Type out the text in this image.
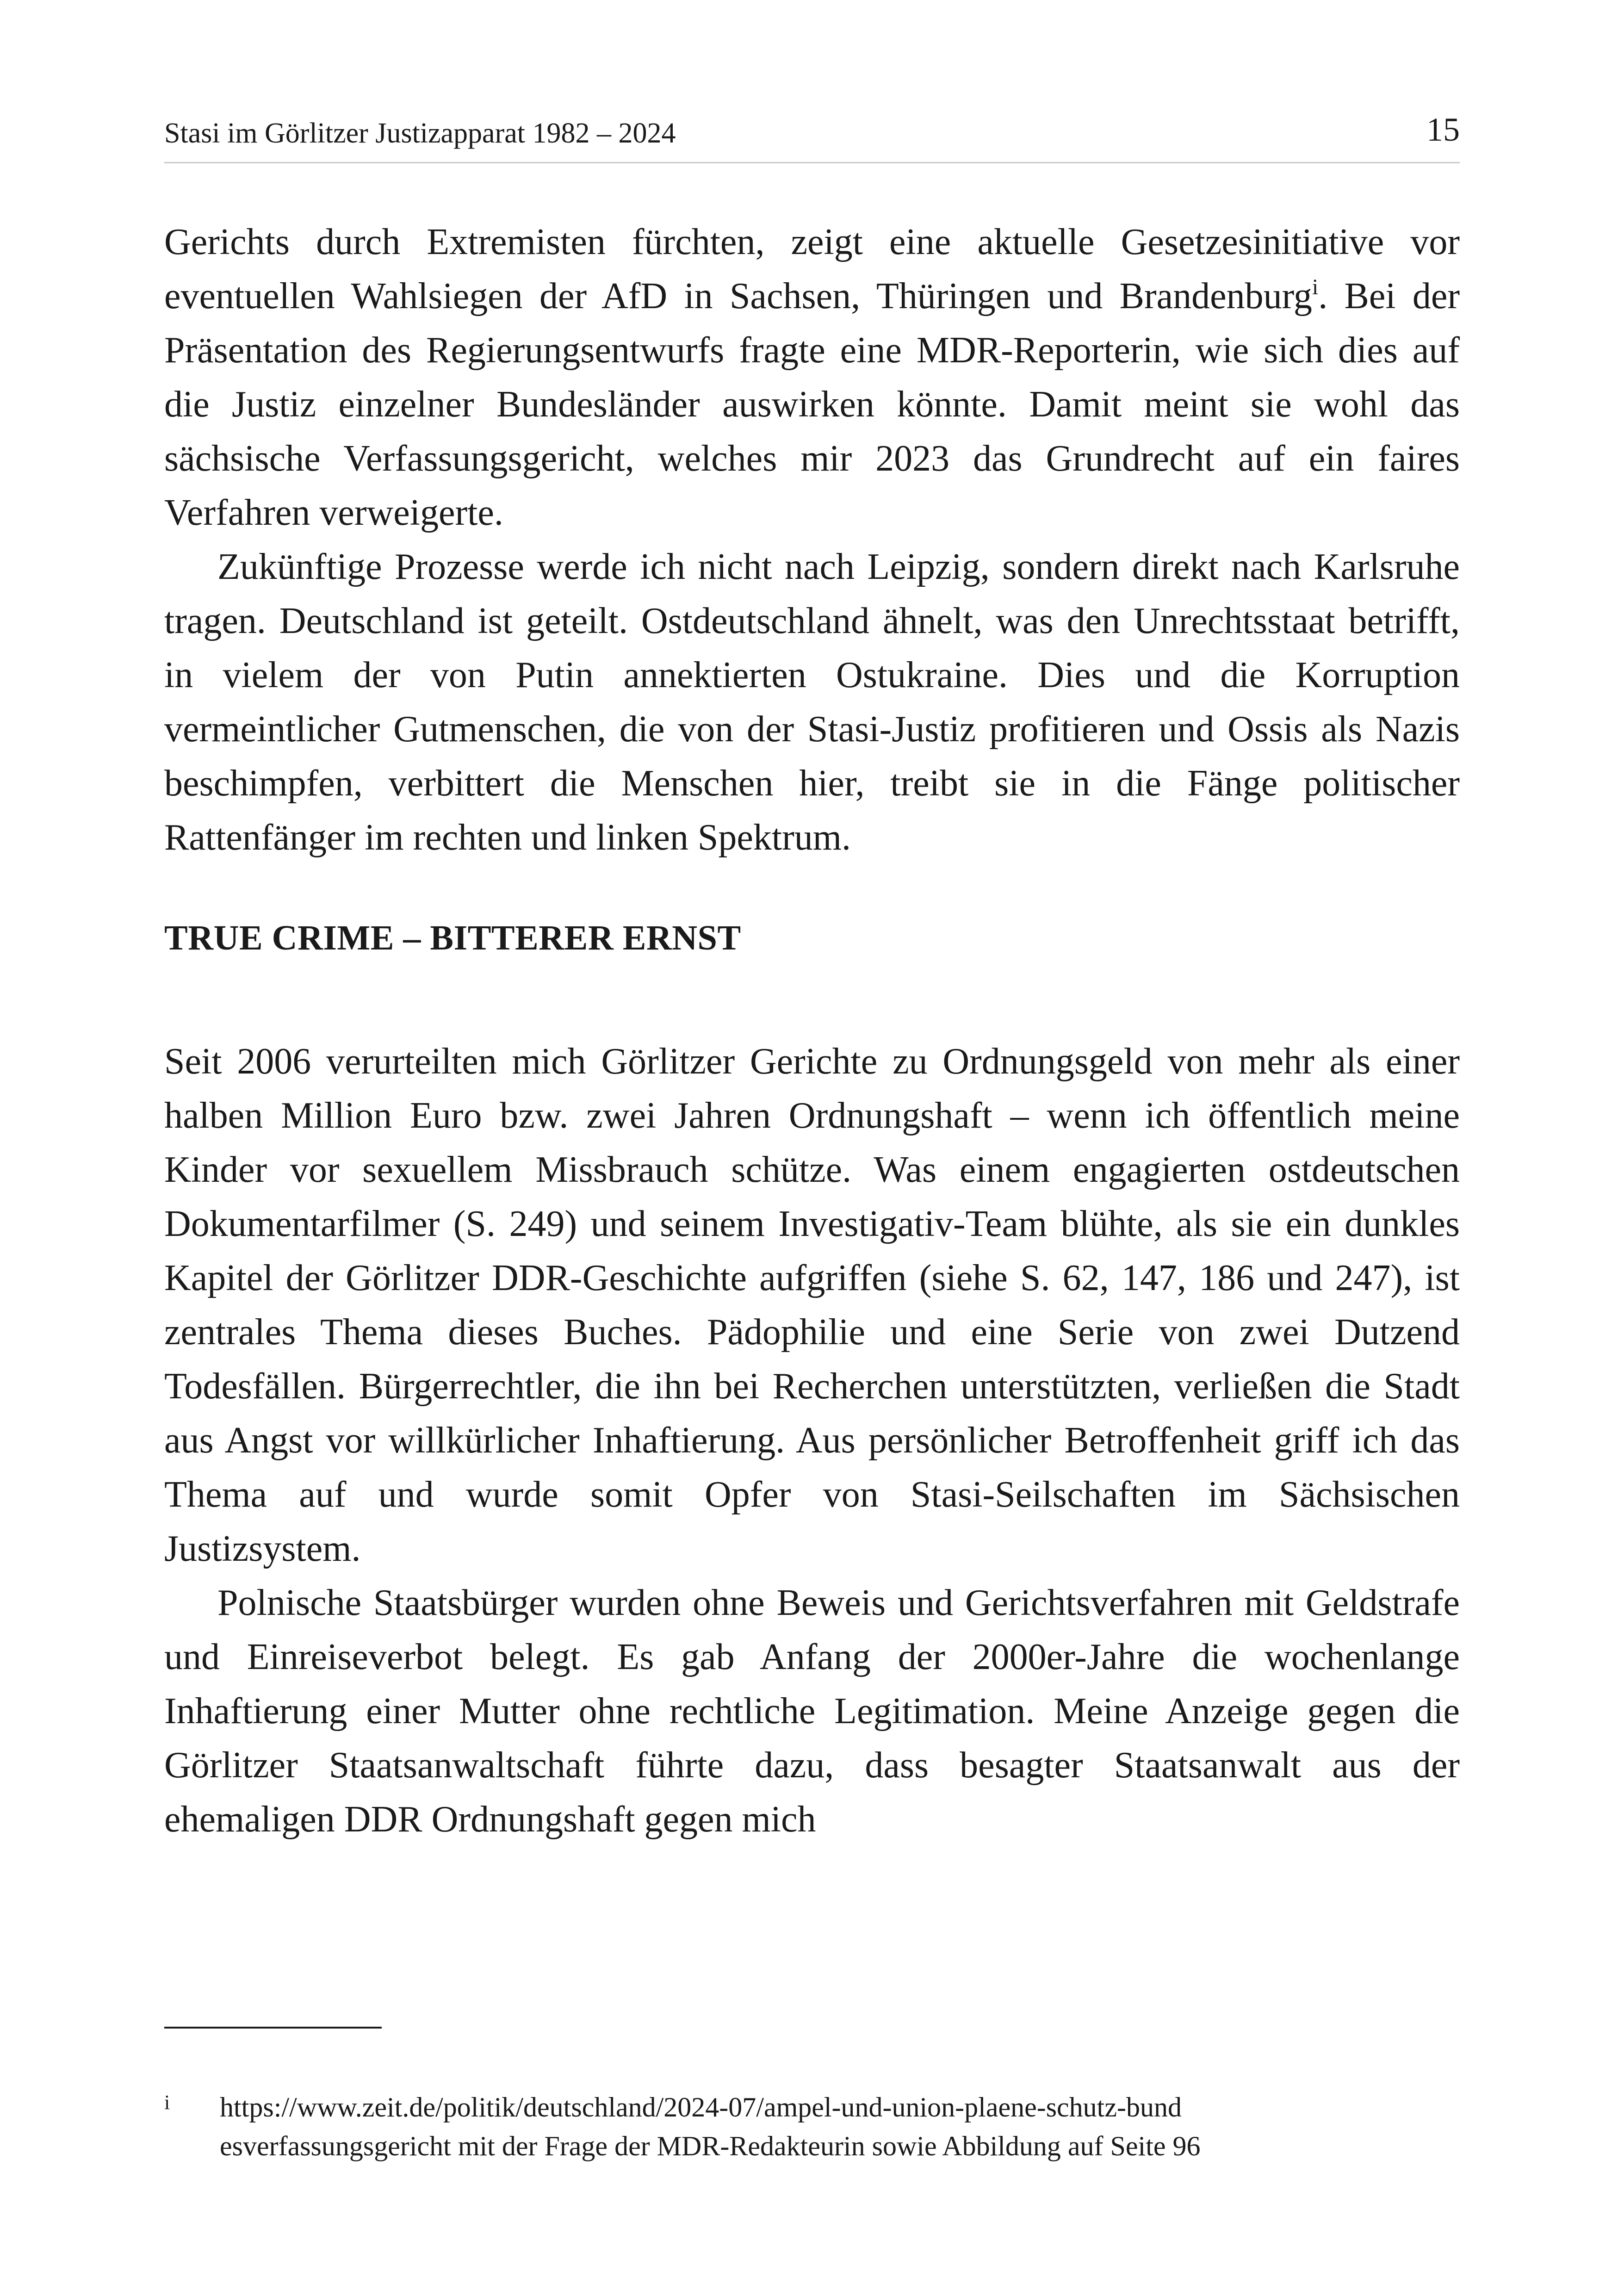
Stasi im Görlitzer Justizapparat 1982 – 2024	15

Gerichts durch Extremisten fürchten, zeigt eine aktuelle Gesetzesinitiative vor eventuellen Wahlsiegen der AfD in Sachsen, Thüringen und Brandenburg$^i$. Bei der Präsentation des Regierungsentwurfs fragte eine MDR-Reporterin, wie sich dies auf die Justiz einzelner Bundesländer auswirken könnte. Damit meint sie wohl das sächsische Verfassungsgericht, welches mir 2023 das Grundrecht auf ein faires Verfahren verweigerte.

Zukünftige Prozesse werde ich nicht nach Leipzig, sondern direkt nach Karlsruhe tragen. Deutschland ist geteilt. Ostdeutschland ähnelt, was den Unrechtsstaat betrifft, in vielem der von Putin annektierten Ostukraine. Dies und die Korruption vermeintlicher Gutmenschen, die von der Stasi-Justiz profitieren und Ossis als Nazis beschimpfen, verbittert die Menschen hier, treibt sie in die Fänge politischer Rattenfänger im rechten und linken Spektrum.

TRUE CRIME – BITTERER ERNST

Seit 2006 verurteilten mich Görlitzer Gerichte zu Ordnungsgeld von mehr als einer halben Million Euro bzw. zwei Jahren Ordnungshaft – wenn ich öffentlich meine Kinder vor sexuellem Missbrauch schütze. Was einem engagierten ostdeutschen Dokumentarfilmer (S. 249) und seinem Investigativ-Team blühte, als sie ein dunkles Kapitel der Görlitzer DDR-Geschichte aufgriffen (siehe S. 62, 147, 186 und 247), ist zentrales Thema dieses Buches. Pädophilie und eine Serie von zwei Dutzend Todesfällen. Bürgerrechtler, die ihn bei Recherchen unterstützten, verließen die Stadt aus Angst vor willkürlicher Inhaftierung. Aus persönlicher Betroffenheit griff ich das Thema auf und wurde somit Opfer von Stasi-Seilschaften im Sächsischen Justizsystem.

Polnische Staatsbürger wurden ohne Beweis und Gerichtsverfahren mit Geldstrafe und Einreiseverbot belegt. Es gab Anfang der 2000er-Jahre die wochenlange Inhaftierung einer Mutter ohne rechtliche Legitimation. Meine Anzeige gegen die Görlitzer Staatsanwaltschaft führte dazu, dass besagter Staatsanwalt aus der ehemaligen DDR Ordnungshaft gegen mich

i https://www.zeit.de/politik/deutschland/2024-07/ampel-und-union-plaene-schutz-bund
esverfassungsgericht mit der Frage der MDR-Redakteurin sowie Abbildung auf Seite 96
